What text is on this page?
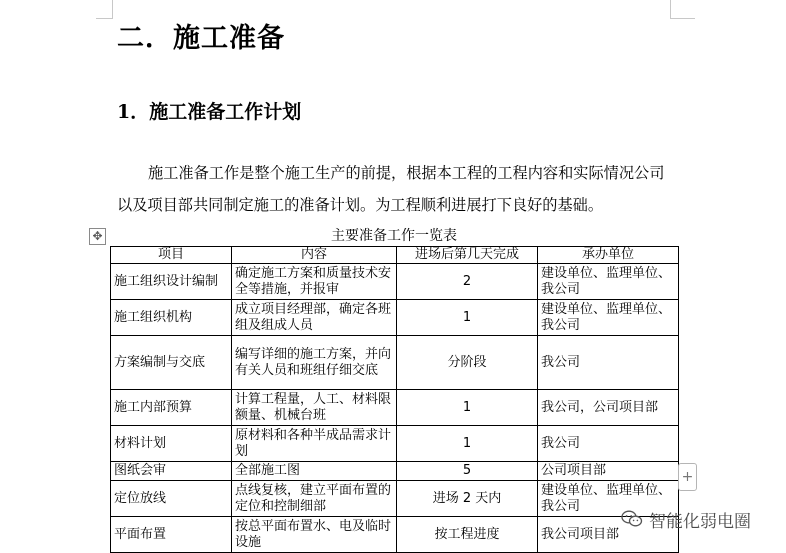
二．施工准备
1．施工准备工作计划

施工准备工作是整个施工生产的前提，根据本工程的工程内容和实际情况公司以及项目部共同制定施工的准备计划。为工程顺利进展打下良好的基础。

✥	主要准备工作一览表

项目	内容	进场后第几天完成	承办单位
施工组织设计编制	确定施工方案和质量技术安全等措施，并报审	2	建设单位、监理单位、我公司
施工组织机构	成立项目经理部，确定各班组及组成人员	1	建设单位、监理单位、我公司
方案编制与交底	编写详细的施工方案，并向有关人员和班组仔细交底	分阶段	我公司
施工内部预算	计算工程量，人工、材料限额量、机械台班	1	我公司，公司项目部
材料计划	原材料和各种半成品需求计划	1	我公司
图纸会审	全部施工图	5	公司项目部
定位放线	点线复核，建立平面布置的定位和控制细部	进场 2 天内	建设单位、监理单位、我公司
平面布置	按总平面布置水、电及临时设施	按工程进度	我公司项目部
+
智能化弱电圈
